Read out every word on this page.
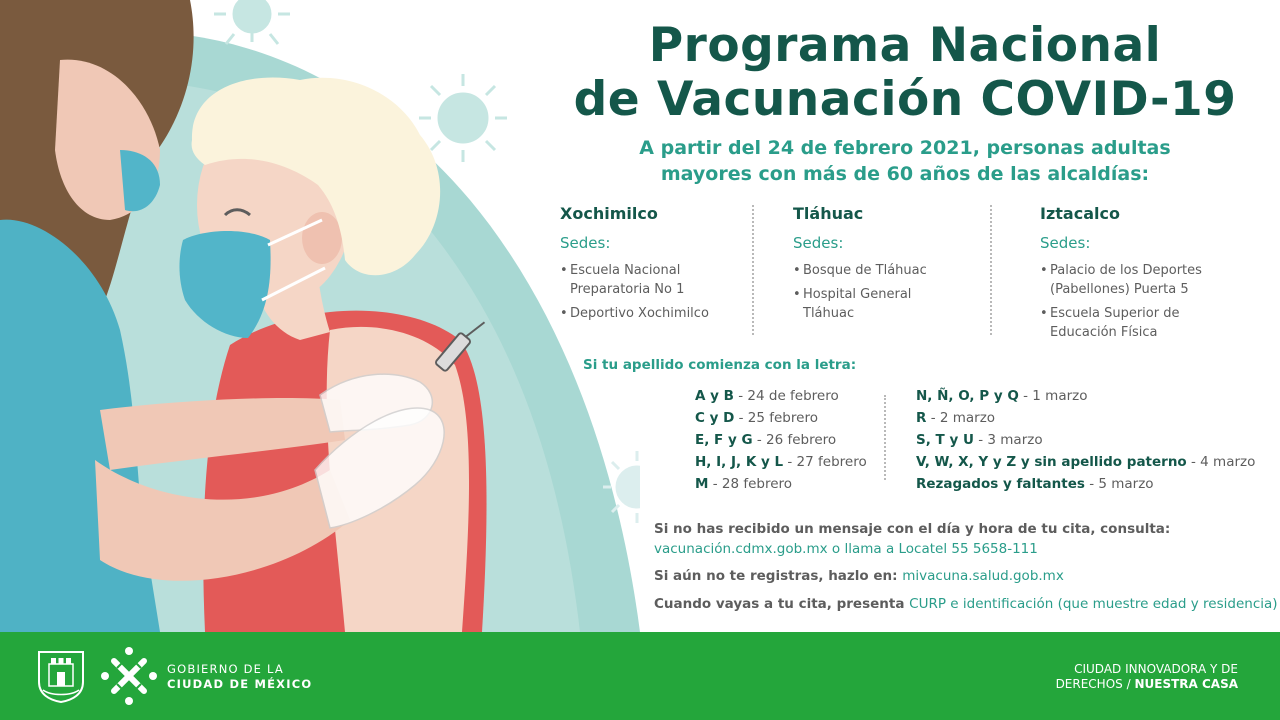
Programa Nacional
de Vacunación COVID-19
A partir del 24 de febrero 2021, personas adultas
mayores con más de 60 años de las alcaldías:
Xochimilco
Sedes:
• Escuela Nacional
Preparatoria No 1
• Deportivo Xochimilco
Tláhuac
Sedes:
• Bosque de Tláhuac
• Hospital General
Tláhuac
Iztacalco
Sedes:
• Palacio de los Deportes
(Pabellones) Puerta 5
• Escuela Superior de
Educación Física
Si tu apellido comienza con la letra:
A y B - 24 de febrero
C y D - 25 febrero
E, F y G - 26 febrero
H, I, J, K y L - 27 febrero
M - 28 febrero
N, Ñ, O, P y Q - 1 marzo
R - 2 marzo
S, T y U - 3 marzo
V, W, X, Y y Z y sin apellido paterno - 4 marzo
Rezagados y faltantes - 5 marzo
Si no has recibido un mensaje con el día y hora de tu cita, consulta:
vacunación.cdmx.gob.mx o llama a Locatel 55 5658-111
Si aún no te registras, hazlo en: mivacuna.salud.gob.mx
Cuando vayas a tu cita, presenta CURP e identificación (que muestre edad y residencia)
GOBIERNO DE LA
CIUDAD DE MÉXICO
CIUDAD INNOVADORA Y DE
DERECHOS / NUESTRA CASA
